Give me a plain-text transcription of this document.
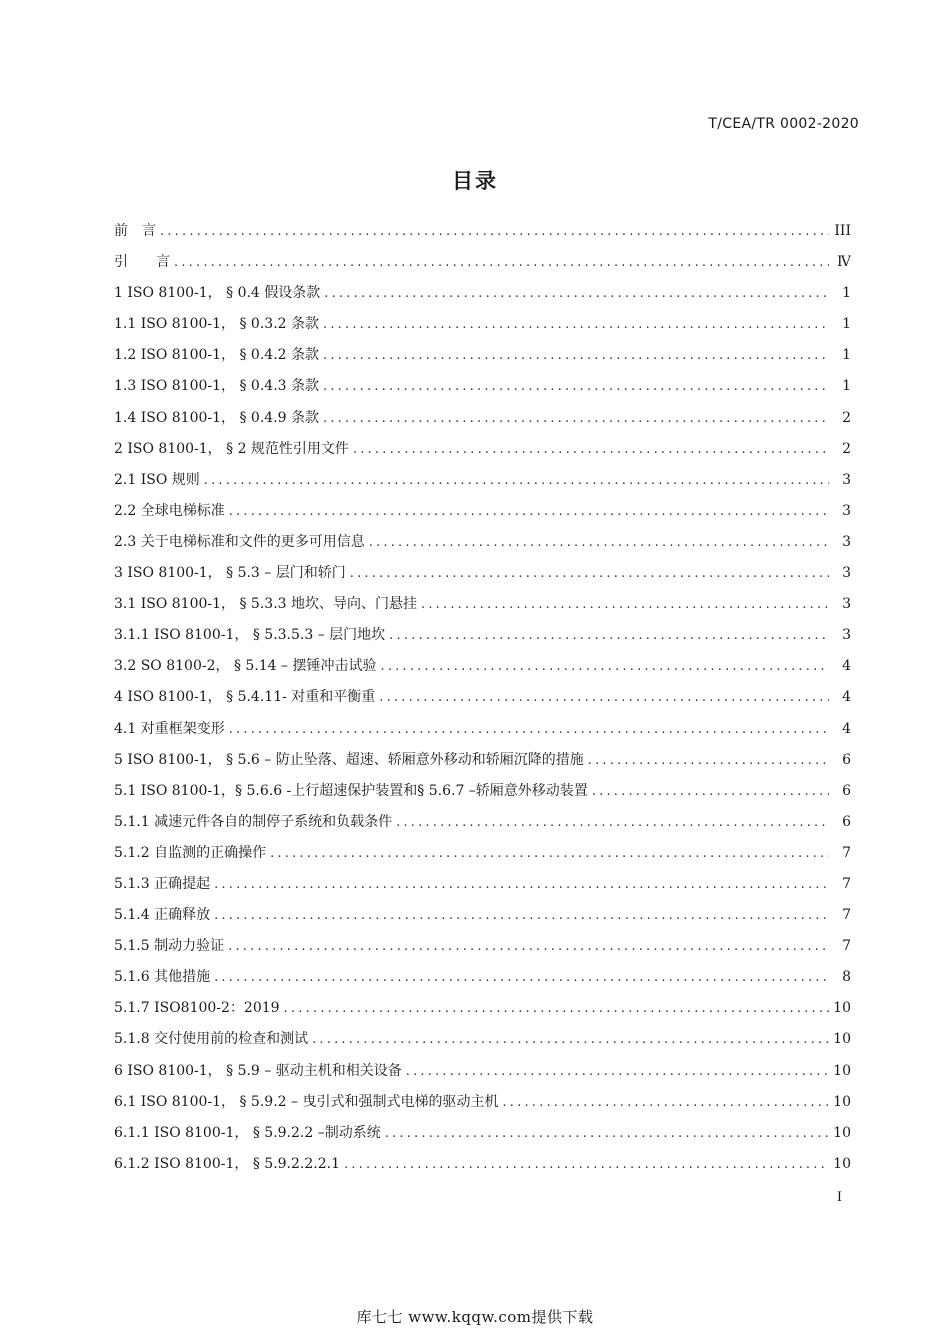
T/CEA/TR 0002-2020
目录
前　言 .....	III
引　　言 .....	Ⅳ
1 ISO 8100-1， § 0.4 假设条款 .....	1
1.1 ISO 8100-1， § 0.3.2 条款 .....	1
1.2 ISO 8100-1， § 0.4.2 条款 .....	1
1.3 ISO 8100-1， § 0.4.3 条款 .....	1
1.4 ISO 8100-1， § 0.4.9 条款 .....	2
2 ISO 8100-1， § 2 规范性引用文件 .....	2
2.1 ISO 规则 .....	3
2.2 全球电梯标准 .....	3
2.3 关于电梯标准和文件的更多可用信息 .....	3
3 ISO 8100-1， § 5.3 – 层门和轿门 .....	3
3.1 ISO 8100-1， § 5.3.3 地坎、导向、门悬挂 .....	3
3.1.1 ISO 8100-1， § 5.3.5.3 – 层门地坎 .....	3
3.2 SO 8100-2， § 5.14 – 摆锤冲击试验 .....	4
4 ISO 8100-1， § 5.4.11- 对重和平衡重 .....	4
4.1 对重框架变形 .....	4
5 ISO 8100-1， § 5.6 – 防止坠落、超速、轿厢意外移动和轿厢沉降的措施 .....	6
5.1 ISO 8100-1，§ 5.6.6 -上行超速保护装置和§ 5.6.7 –轿厢意外移动装置 .....	6
5.1.1 减速元件各自的制停子系统和负载条件 .....	6
5.1.2 自监测的正确操作 .....	7
5.1.3 正确提起 .....	7
5.1.4 正确释放 .....	7
5.1.5 制动力验证 .....	7
5.1.6 其他措施 .....	8
5.1.7 ISO8100-2：2019 .....	10
5.1.8 交付使用前的检查和测试 .....	10
6 ISO 8100-1， § 5.9 – 驱动主机和相关设备 .....	10
6.1 ISO 8100-1， § 5.9.2 – 曳引式和强制式电梯的驱动主机 .....	10
6.1.1 ISO 8100-1， § 5.9.2.2 –制动系统 .....	10
6.1.2 ISO 8100-1， § 5.9.2.2.2.1 .....	10
I
库七七 www.kqqw.com提供下载
